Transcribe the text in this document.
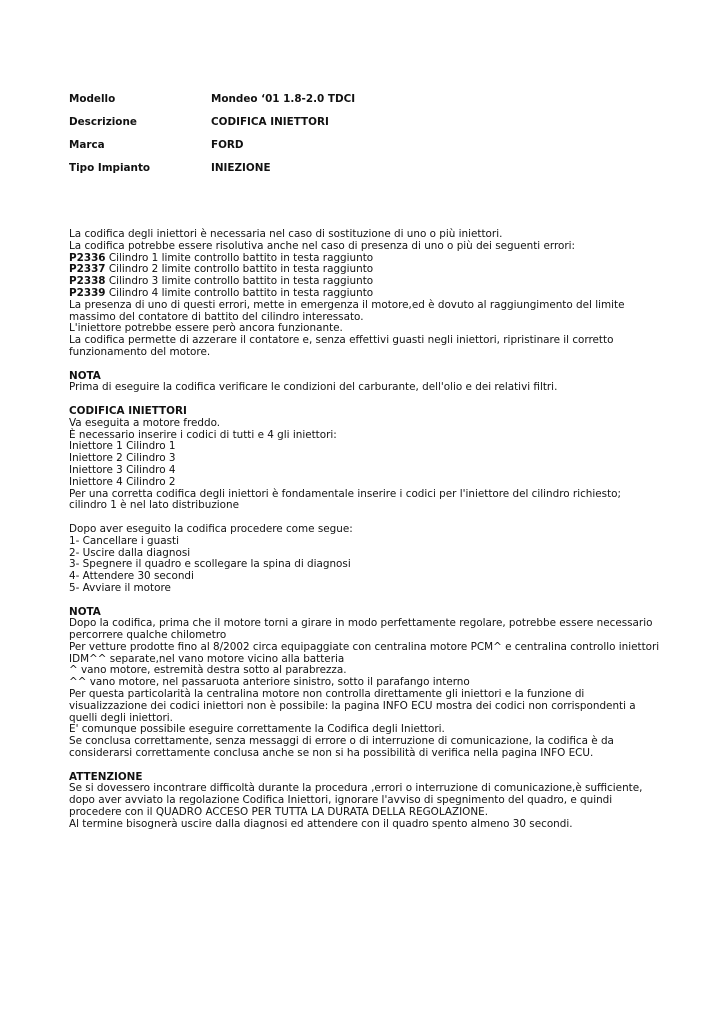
Modello	Mondeo ‘01 1.8-2.0 TDCI
Descrizione	CODIFICA INIETTORI
Marca	FORD
Tipo Impianto	INIEZIONE
La codifica degli iniettori è necessaria nel caso di sostituzione di uno o più iniettori.
La codifica potrebbe essere risolutiva anche nel caso di presenza di uno o più dei seguenti errori:
P2336 Cilindro 1 limite controllo battito in testa raggiunto
P2337 Cilindro 2 limite controllo battito in testa raggiunto
P2338 Cilindro 3 limite controllo battito in testa raggiunto
P2339 Cilindro 4 limite controllo battito in testa raggiunto
La presenza di uno di questi errori, mette in emergenza il motore,ed è dovuto al raggiungimento del limite
massimo del contatore di battito del cilindro interessato.
L'iniettore potrebbe essere però ancora funzionante.
La codifica permette di azzerare il contatore e, senza effettivi guasti negli iniettori, ripristinare il corretto
funzionamento del motore.
NOTA
Prima di eseguire la codifica verificare le condizioni del carburante, dell'olio e dei relativi filtri.
CODIFICA INIETTORI
Va eseguita a motore freddo.
È necessario inserire i codici di tutti e 4 gli iniettori:
Iniettore 1 Cilindro 1
Iniettore 2 Cilindro 3
Iniettore 3 Cilindro 4
Iniettore 4 Cilindro 2
Per una corretta codifica degli iniettori è fondamentale inserire i codici per l'iniettore del cilindro richiesto;
cilindro 1 è nel lato distribuzione
Dopo aver eseguito la codifica procedere come segue:
1- Cancellare i guasti
2- Uscire dalla diagnosi
3- Spegnere il quadro e scollegare la spina di diagnosi
4- Attendere 30 secondi
5- Avviare il motore
NOTA
Dopo la codifica, prima che il motore torni a girare in modo perfettamente regolare, potrebbe essere necessario
percorrere qualche chilometro
Per vetture prodotte fino al 8/2002 circa equipaggiate con centralina motore PCM^ e centralina controllo iniettori
IDM^^ separate,nel vano motore vicino alla batteria
^ vano motore, estremità destra sotto al parabrezza.
^^ vano motore, nel passaruota anteriore sinistro, sotto il parafango interno
Per questa particolarità la centralina motore non controlla direttamente gli iniettori e la funzione di
visualizzazione dei codici iniettori non è possibile: la pagina INFO ECU mostra dei codici non corrispondenti a
quelli degli iniettori.
E' comunque possibile eseguire correttamente la Codifica degli Iniettori.
Se conclusa correttamente, senza messaggi di errore o di interruzione di comunicazione, la codifica è da
considerarsi correttamente conclusa anche se non si ha possibilità di verifica nella pagina INFO ECU.
ATTENZIONE
Se si dovessero incontrare difficoltà durante la procedura ,errori o interruzione di comunicazione,è sufficiente,
dopo aver avviato la regolazione Codifica Iniettori, ignorare l'avviso di spegnimento del quadro, e quindi
procedere con il QUADRO ACCESO PER TUTTA LA DURATA DELLA REGOLAZIONE.
Al termine bisognerà uscire dalla diagnosi ed attendere con il quadro spento almeno 30 secondi.
